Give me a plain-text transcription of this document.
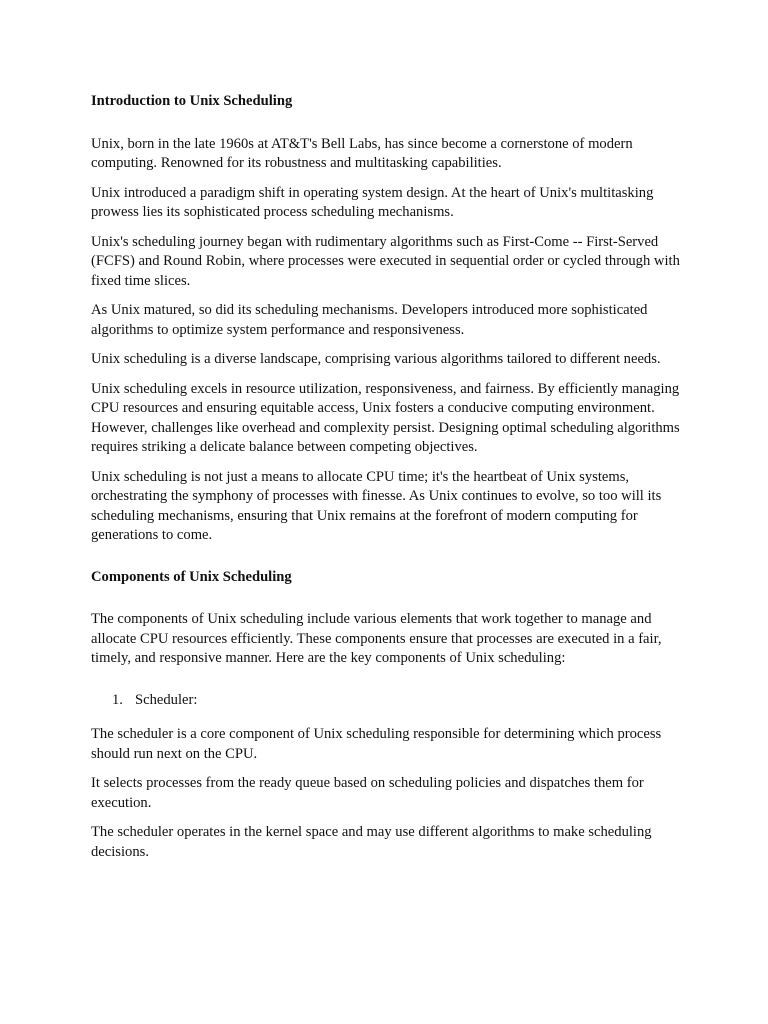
Introduction to Unix Scheduling

Unix, born in the late 1960s at AT&T's Bell Labs, has since become a cornerstone of modern computing. Renowned for its robustness and multitasking capabilities.

Unix introduced a paradigm shift in operating system design. At the heart of Unix's multitasking prowess lies its sophisticated process scheduling mechanisms.

Unix's scheduling journey began with rudimentary algorithms such as First-Come -- First-Served (FCFS) and Round Robin, where processes were executed in sequential order or cycled through with fixed time slices.

As Unix matured, so did its scheduling mechanisms. Developers introduced more sophisticated algorithms to optimize system performance and responsiveness.

Unix scheduling is a diverse landscape, comprising various algorithms tailored to different needs.

Unix scheduling excels in resource utilization, responsiveness, and fairness. By efficiently managing CPU resources and ensuring equitable access, Unix fosters a conducive computing environment. However, challenges like overhead and complexity persist. Designing optimal scheduling algorithms requires striking a delicate balance between competing objectives.

Unix scheduling is not just a means to allocate CPU time; it's the heartbeat of Unix systems, orchestrating the symphony of processes with finesse. As Unix continues to evolve, so too will its scheduling mechanisms, ensuring that Unix remains at the forefront of modern computing for generations to come.

Components of Unix Scheduling

The components of Unix scheduling include various elements that work together to manage and allocate CPU resources efficiently. These components ensure that processes are executed in a fair, timely, and responsive manner. Here are the key components of Unix scheduling:

1. Scheduler:

The scheduler is a core component of Unix scheduling responsible for determining which process should run next on the CPU.

It selects processes from the ready queue based on scheduling policies and dispatches them for execution.

The scheduler operates in the kernel space and may use different algorithms to make scheduling decisions.
